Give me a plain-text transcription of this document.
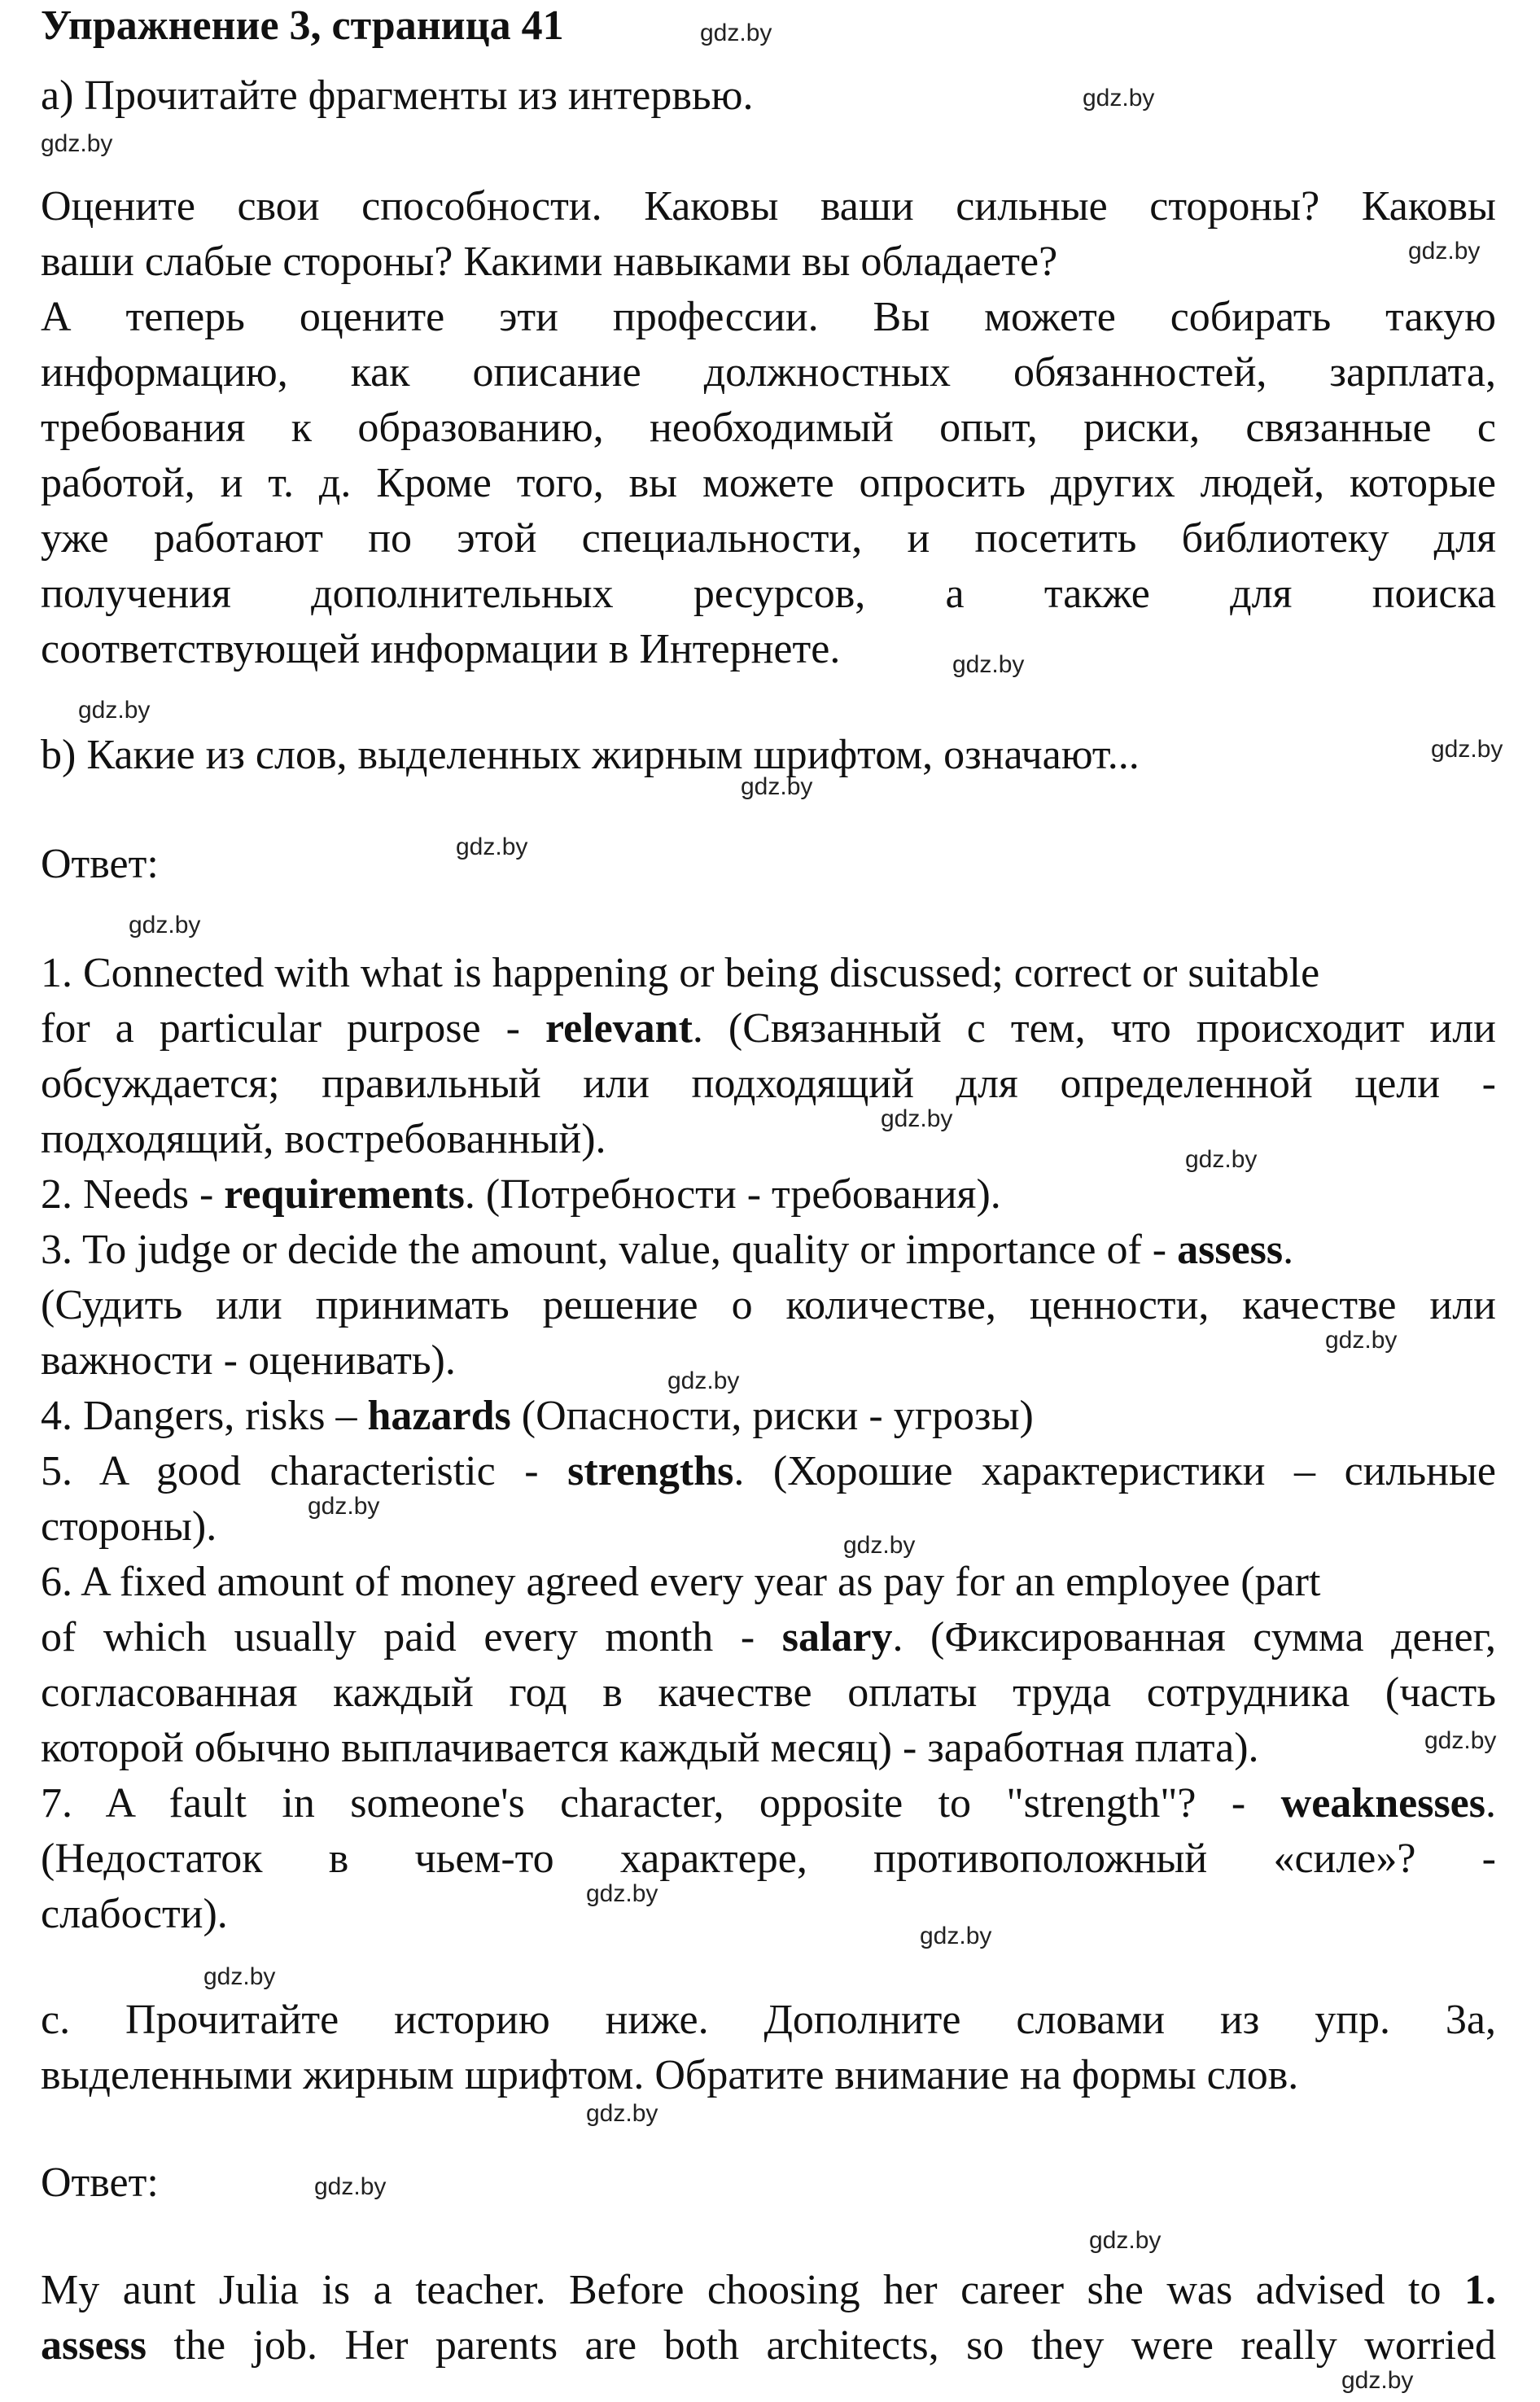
Упражнение 3, страница 41
а) Прочитайте фрагменты из интервью.
Оцените свои способности. Каковы ваши сильные стороны? Каковы
ваши слабые стороны? Какими навыками вы обладаете?
А теперь оцените эти профессии. Вы можете собирать такую
информацию, как описание должностных обязанностей, зарплата,
требования к образованию, необходимый опыт, риски, связанные с
работой, и т. д. Кроме того, вы можете опросить других людей, которые
уже работают по этой специальности, и посетить библиотеку для
получения дополнительных ресурсов, а также для поиска
соответствующей информации в Интернете.
b) Какие из слов, выделенных жирным шрифтом, означают...
Ответ:
1. Connected with what is happening or being discussed; correct or suitable
for a particular purpose - relevant. (Связанный с тем, что происходит или
обсуждается; правильный или подходящий для определенной цели -
подходящий, востребованный).
2. Needs - requirements. (Потребности - требования).
3. To judge or decide the amount, value, quality or importance of - assess.
(Судить или принимать решение о количестве, ценности, качестве или
важности - оценивать).
4. Dangers, risks – hazards (Опасности, риски - угрозы)
5. A good characteristic - strengths. (Хорошие характеристики – сильные
стороны).
6. A fixed amount of money agreed every year as pay for an employee (part
of which usually paid every month - salary. (Фиксированная сумма денег,
согласованная каждый год в качестве оплаты труда сотрудника (часть
которой обычно выплачивается каждый месяц) - заработная плата).
7. A fault in someone's character, opposite to "strength"? - weaknesses.
(Недостаток в чьем-то характере, противоположный «силе»? -
слабости).
c. Прочитайте историю ниже. Дополните словами из упр. 3а,
выделенными жирным шрифтом. Обратите внимание на формы слов.
Ответ:
My aunt Julia is a teacher. Before choosing her career she was advised to 1.
assess the job. Her parents are both architects, so they were really worried
gdz.by
gdz.by
gdz.by
gdz.by
gdz.by
gdz.by
gdz.by
gdz.by
gdz.by
gdz.by
gdz.by
gdz.by
gdz.by
gdz.by
gdz.by
gdz.by
gdz.by
gdz.by
gdz.by
gdz.by
gdz.by
gdz.by
gdz.by
gdz.by
